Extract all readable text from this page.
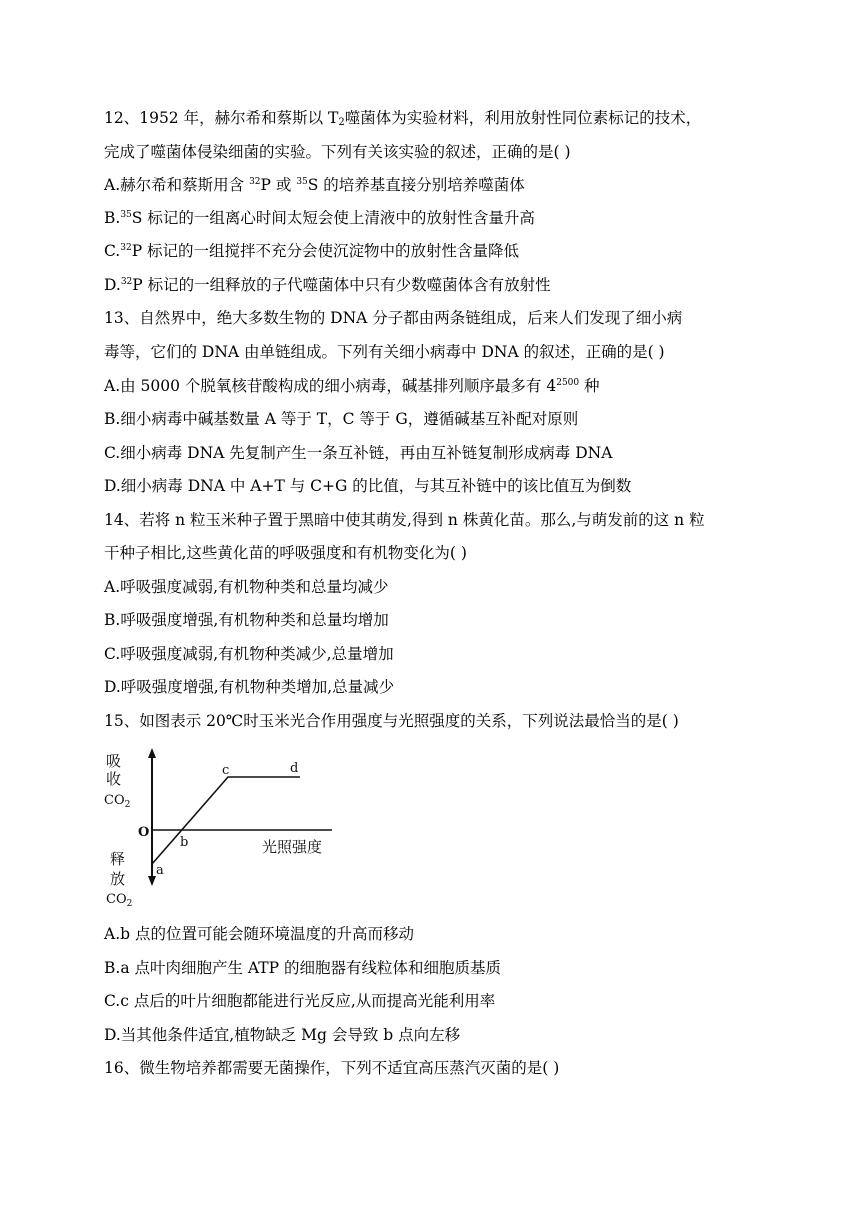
12、1952 年，赫尔希和蔡斯以 $T_2$噬菌体为实验材料，利用放射性同位素标记的技术，
完成了噬菌体侵染细菌的实验。下列有关该实验的叙述，正确的是( )
A.赫尔希和蔡斯用含 $^{32}$P 或 $^{35}$S 的培养基直接分别培养噬菌体
B.$^{35}$S 标记的一组离心时间太短会使上清液中的放射性含量升高
C.$^{32}$P 标记的一组搅拌不充分会使沉淀物中的放射性含量降低
D.$^{32}$P 标记的一组释放的子代噬菌体中只有少数噬菌体含有放射性
13、自然界中，绝大多数生物的 DNA 分子都由两条链组成，后来人们发现了细小病
毒等，它们的 DNA 由单链组成。下列有关细小病毒中 DNA 的叙述，正确的是( )
A.由 5000 个脱氧核苷酸构成的细小病毒，碱基排列顺序最多有 $4^{2500}$ 种
B.细小病毒中碱基数量 A 等于 T，C 等于 G，遵循碱基互补配对原则
C.细小病毒 DNA 先复制产生一条互补链，再由互补链复制形成病毒 DNA
D.细小病毒 DNA 中 A+T 与 C+G 的比值，与其互补链中的该比值互为倒数
14、若将 n 粒玉米种子置于黑暗中使其萌发,得到 n 株黄化苗。那么,与萌发前的这 n 粒
干种子相比,这些黄化苗的呼吸强度和有机物变化为( )
A.呼吸强度减弱,有机物种类和总量均减少
B.呼吸强度增强,有机物种类和总量均增加
C.呼吸强度减弱,有机物种类减少,总量增加
D.呼吸强度增强,有机物种类增加,总量减少
15、如图表示 20℃时玉米光合作用强度与光照强度的关系，下列说法最恰当的是( )
吸
收
$CO_2$
O
释
放
$CO_2$
a
b
c	d
光照强度
A.b 点的位置可能会随环境温度的升高而移动
B.a 点叶肉细胞产生 ATP 的细胞器有线粒体和细胞质基质
C.c 点后的叶片细胞都能进行光反应,从而提高光能利用率
D.当其他条件适宜,植物缺乏 Mg 会导致 b 点向左移
16、微生物培养都需要无菌操作，下列不适宜高压蒸汽灭菌的是( )
